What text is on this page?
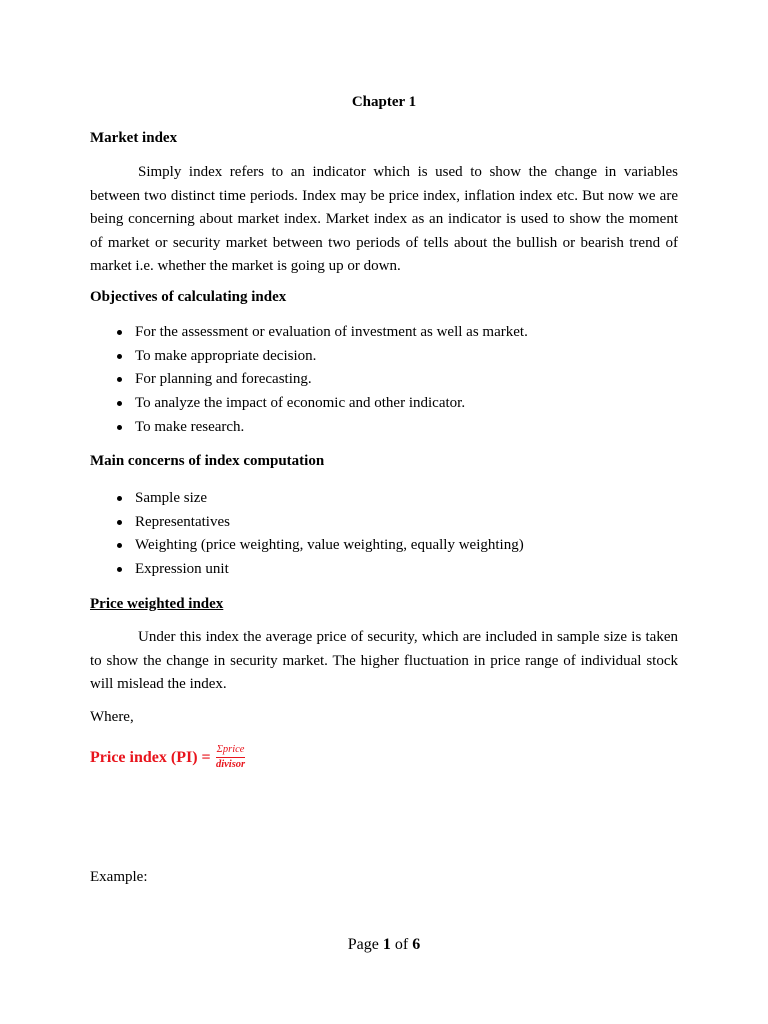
Chapter 1
Market index

Simply index refers to an indicator which is used to show the change in variables between two distinct time periods. Index may be price index, inflation index etc. But now we are being concerning about market index. Market index as an indicator is used to show the moment of market or security market between two periods of tells about the bullish or bearish trend of market i.e. whether the market is going up or down.

Objectives of calculating index
For the assessment or evaluation of investment as well as market.
To make appropriate decision.
For planning and forecasting.
To analyze the impact of economic and other indicator.
To make research.
Main concerns of index computation
Sample size
Representatives
Weighting (price weighting, value weighting, equally weighting)
Expression unit
Price weighted index

Under this index the average price of security, which are included in sample size is taken to show the change in security market. The higher fluctuation in price range of individual stock will mislead the index.

Where,
Price index $(PI) = \frac{\text{Σprice}}{\text{divisor}}$
Example:
Page 1 of 6
